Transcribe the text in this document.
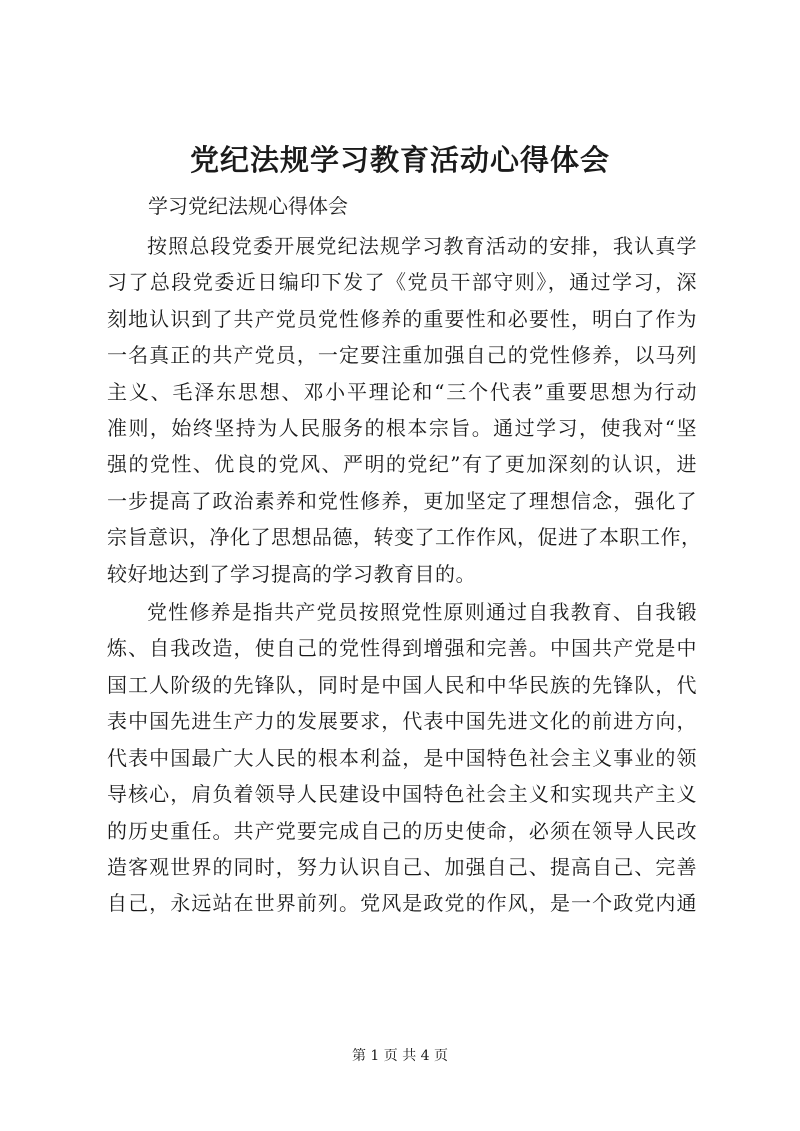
党纪法规学习教育活动心得体会

学习党纪法规心得体会

按照总段党委开展党纪法规学习教育活动的安排，我认真学
习了总段党委近日编印下发了《党员干部守则》，通过学习，深
刻地认识到了共产党员党性修养的重要性和必要性，明白了作为
一名真正的共产党员，一定要注重加强自己的党性修养，以马列
主义、毛泽东思想、邓小平理论和“三个代表”重要思想为行动
准则，始终坚持为人民服务的根本宗旨。通过学习，使我对“坚
强的党性、优良的党风、严明的党纪”有了更加深刻的认识，进
一步提高了政治素养和党性修养，更加坚定了理想信念，强化了
宗旨意识，净化了思想品德，转变了工作作风，促进了本职工作，
较好地达到了学习提高的学习教育目的。
党性修养是指共产党员按照党性原则通过自我教育、自我锻
炼、自我改造，使自己的党性得到增强和完善。中国共产党是中
国工人阶级的先锋队，同时是中国人民和中华民族的先锋队，代
表中国先进生产力的发展要求，代表中国先进文化的前进方向，
代表中国最广大人民的根本利益，是中国特色社会主义事业的领
导核心，肩负着领导人民建设中国特色社会主义和实现共产主义
的历史重任。共产党要完成自己的历史使命，必须在领导人民改
造客观世界的同时，努力认识自己、加强自己、提高自己、完善
自己，永远站在世界前列。党风是政党的作风，是一个政党内通

第 1 页 共 4 页
